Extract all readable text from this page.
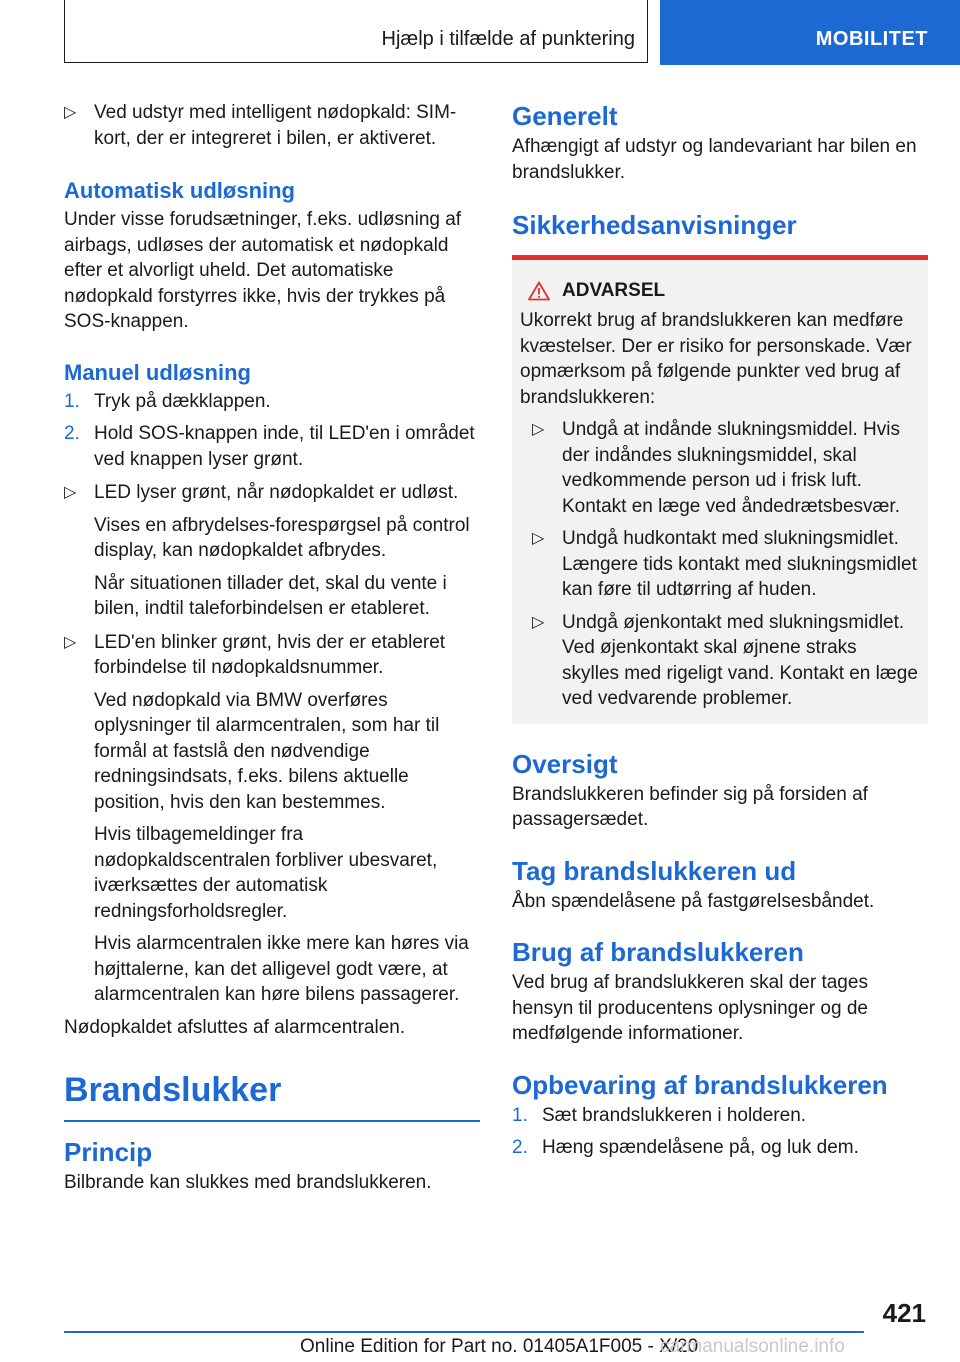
Hjælp i tilfælde af punktering	MOBILITET
▷ Ved udstyr med intelligent nødopkald: SIM-kort, der er integreret i bilen, er aktiveret.
Automatisk udløsning

Under visse forudsætninger, f.eks. udløsning af airbags, udløses der automatisk et nødopkald efter et alvorligt uheld. Det automatiske nødopkald forstyrres ikke, hvis der trykkes på SOS-knappen.

Manuel udløsning
1. Tryk på dækklappen.
2. Hold SOS-knappen inde, til LED'en i området ved knappen lyser grønt.
▷ LED lyser grønt, når nødopkaldet er udløst.

Vises en afbrydelses-forespørgsel på control display, kan nødopkaldet afbrydes.

Når situationen tillader det, skal du vente i bilen, indtil taleforbindelsen er etableret.

▷ LED'en blinker grønt, hvis der er etableret forbindelse til nødopkaldsnummer.

Ved nødopkald via BMW overføres oplysninger til alarmcentralen, som har til formål at fastslå den nødvendige redningsindsats, f.eks. bilens aktuelle position, hvis den kan bestemmes.

Hvis tilbagemeldinger fra nødopkaldscentralen forbliver ubesvaret, iværksættes der automatisk redningsforholdsregler.

Hvis alarmcentralen ikke mere kan høres via højttalerne, kan det alligevel godt være, at alarmcentralen kan høre bilens passagerer.

Nødopkaldet afsluttes af alarmcentralen.

Brandslukker
Princip

Bilbrande kan slukkes med brandslukkeren.

Generelt

Afhængigt af udstyr og landevariant har bilen en brandslukker.

Sikkerhedsanvisninger
ADVARSEL

Ukorrekt brug af brandslukkeren kan medføre kvæstelser. Der er risiko for personskade. Vær opmærksom på følgende punkter ved brug af brandslukkeren:

▷ Undgå at indånde slukningsmiddel. Hvis der indåndes slukningsmiddel, skal vedkommende person ud i frisk luft. Kontakt en læge ved åndedrætsbesvær.
▷ Undgå hudkontakt med slukningsmidlet. Længere tids kontakt med slukningsmidlet kan føre til udtørring af huden.
▷ Undgå øjenkontakt med slukningsmidlet. Ved øjenkontakt skal øjnene straks skylles med rigeligt vand. Kontakt en læge ved vedvarende problemer.
Oversigt

Brandslukkeren befinder sig på forsiden af passagersædet.

Tag brandslukkeren ud

Åbn spændelåsene på fastgørelsesbåndet.

Brug af brandslukkeren

Ved brug af brandslukkeren skal der tages hensyn til producentens oplysninger og de medfølgende informationer.

Opbevaring af brandslukkeren
1. Sæt brandslukkeren i holderen.
2. Hæng spændelåsene på, og luk dem.
421
Online Edition for Part no. 01405A1F005 - X/20
carmanualsonline.info
